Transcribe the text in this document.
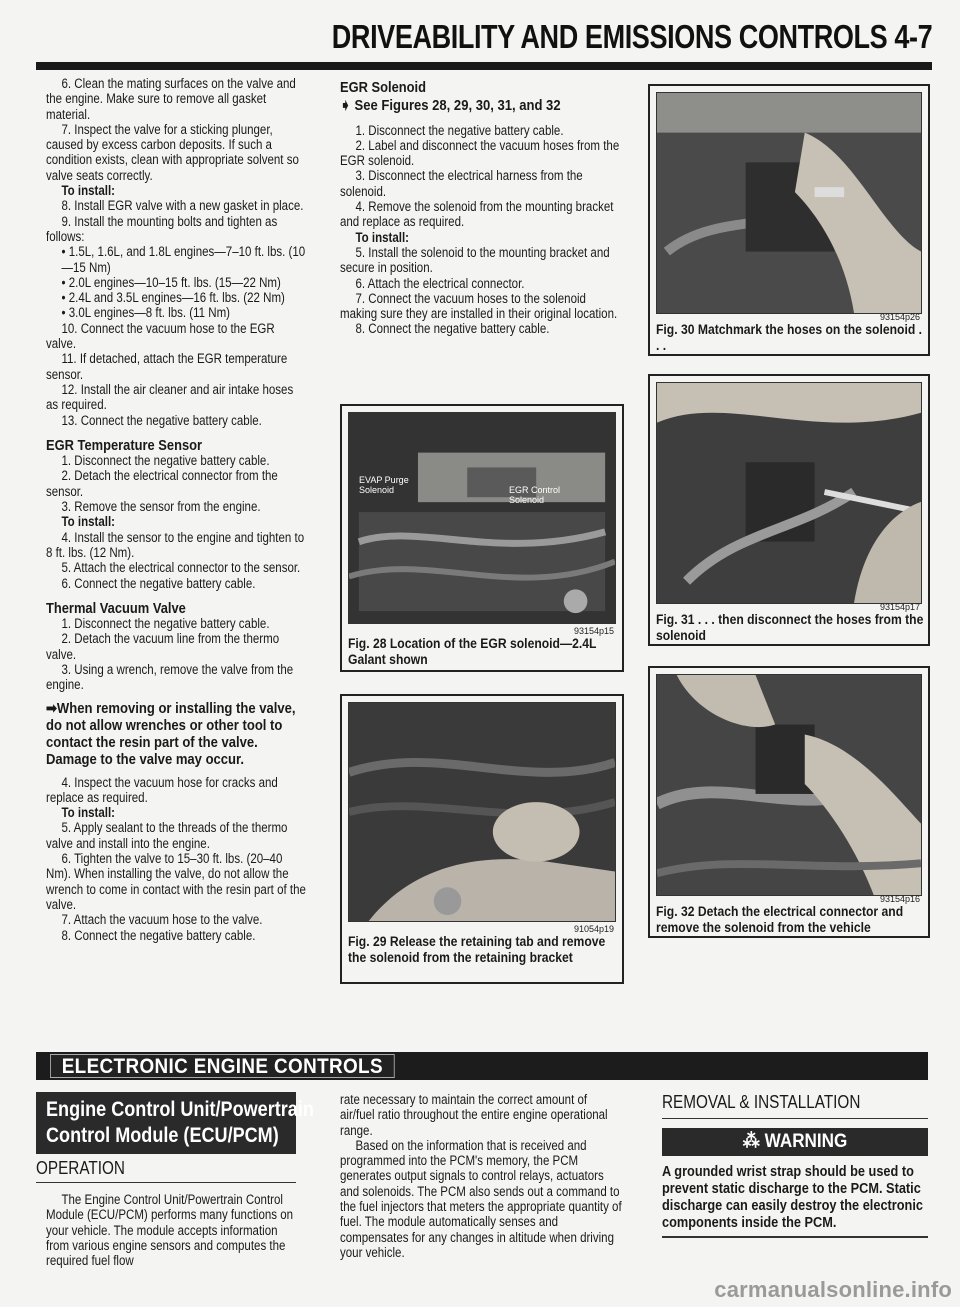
DRIVEABILITY AND EMISSIONS CONTROLS 4-7

6. Clean the mating surfaces on the valve and the engine. Make sure to remove all gasket material.

7. Inspect the valve for a sticking plunger, caused by excess carbon deposits. If such a condition exists, clean with appropriate solvent so valve seats correctly.

To install:

8. Install EGR valve with a new gasket in place.

9. Install the mounting bolts and tighten as follows:

• 1.5L, 1.6L, and 1.8L engines—7–10 ft. lbs. (10—15 Nm)
• 2.0L engines—10–15 ft. lbs. (15—22 Nm)
• 2.4L and 3.5L engines—16 ft. lbs. (22 Nm)
• 3.0L engines—8 ft. lbs. (11 Nm)

10. Connect the vacuum hose to the EGR valve.

11. If detached, attach the EGR temperature sensor.

12. Install the air cleaner and air intake hoses as required.

13. Connect the negative battery cable.

EGR Temperature Sensor

1. Disconnect the negative battery cable.

2. Detach the electrical connector from the sensor.

3. Remove the sensor from the engine.

To install:

4. Install the sensor to the engine and tighten to 8 ft. lbs. (12 Nm).

5. Attach the electrical connector to the sensor.

6. Connect the negative battery cable.

Thermal Vacuum Valve

1. Disconnect the negative battery cable.

2. Detach the vacuum line from the thermo valve.

3. Using a wrench, remove the valve from the engine.

➡When removing or installing the valve, do not allow wrenches or other tool to contact the resin part of the valve. Damage to the valve may occur.

4. Inspect the vacuum hose for cracks and replace as required.

To install:

5. Apply sealant to the threads of the thermo valve and install into the engine.

6. Tighten the valve to 15–30 ft. lbs. (20–40 Nm). When installing the valve, do not allow the wrench to come in contact with the resin part of the valve.

7. Attach the vacuum hose to the valve.

8. Connect the negative battery cable.

EGR Solenoid
➧ See Figures 28, 29, 30, 31, and 32

1. Disconnect the negative battery cable.

2. Label and disconnect the vacuum hoses from the EGR solenoid.

3. Disconnect the electrical harness from the solenoid.

4. Remove the solenoid from the mounting bracket and replace as required.

To install:

5. Install the solenoid to the mounting bracket and secure in position.

6. Attach the electrical connector.

7. Connect the vacuum hoses to the solenoid making sure they are installed in their original location.

8. Connect the negative battery cable.

EVAP Purge Solenoid	EGR Control Solenoid
93154p15
Fig. 28 Location of the EGR solenoid—2.4L Galant shown
91054p19
Fig. 29 Release the retaining tab and remove the solenoid from the retaining bracket
93154p26
Fig. 30 Matchmark the hoses on the solenoid . . .
93154p17
Fig. 31 . . . then disconnect the hoses from the solenoid
93154p16
Fig. 32 Detach the electrical connector and remove the solenoid from the vehicle
ELECTRONIC ENGINE CONTROLS
Engine Control Unit/Powertrain
Control Module (ECU/PCM)
OPERATION

The Engine Control Unit/Powertrain Control Module (ECU/PCM) performs many functions on your vehicle. The module accepts information from various engine sensors and computes the required fuel flow

rate necessary to maintain the correct amount of air/fuel ratio throughout the entire engine operational range.

Based on the information that is received and programmed into the PCM's memory, the PCM generates output signals to control relays, actuators and solenoids. The PCM also sends out a command to the fuel injectors that meters the appropriate quantity of fuel. The module automatically senses and compensates for any changes in altitude when driving your vehicle.

REMOVAL & INSTALLATION
⁂ WARNING
A grounded wrist strap should be used to prevent static discharge to the PCM. Static discharge can easily destroy the electronic components inside the PCM.
carmanualsonline.info
